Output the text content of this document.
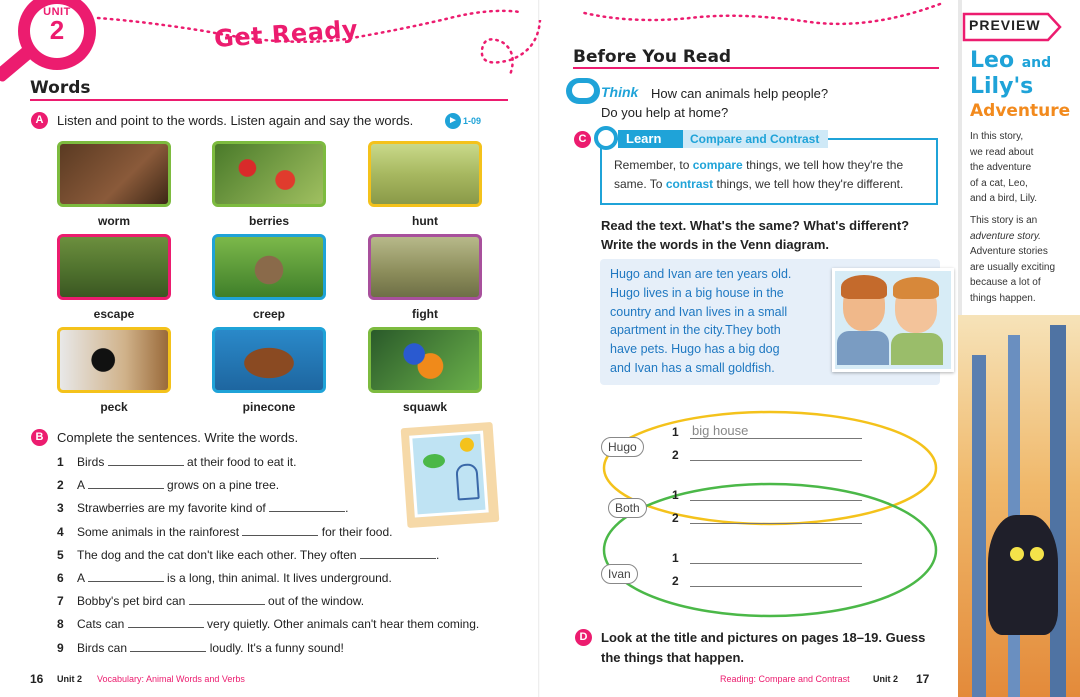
UNIT
2	Get Ready
Words
A	Listen and point to the words. Listen again and say the words.	► 1-09
worm	berries	hunt
escape	creep	fight
peck	pinecone	squawk
B	Complete the sentences. Write the words.
1 Birds	at their food to eat it.
2 A	grows on a pine tree.
3 Strawberries are my favorite kind of	.
4 Some animals in the rainforest	for their food.
5 The dog and the cat don't like each other. They often	.
6 A	is a long, thin animal. It lives underground.
7 Bobby's pet bird can	out of the window.
8 Cats can	very quietly. Other animals can't hear them coming.
9 Birds can	loudly. It's a funny sound!
16 Unit 2 Vocabulary: Animal Words and Verbs
Before You Read
Think How can animals help people?
Do you help at home?
C	Learn	Compare and Contrast
Remember, to compare things, we tell how they're the
same. To contrast things, we tell how they're different.
Read the text. What's the same? What's different?
Write the words in the Venn diagram.
Hugo and Ivan are ten years old.
Hugo lives in a big house in the
country and Ivan lives in a small
apartment in the city.They both
have pets. Hugo has a big dog
and Ivan has a small goldfish.
Hugo
Both
Ivan
1 big house
2
1
2
1
2
D	Look at the title and pictures on pages 18–19. Guess
the things that happen.
Reading: Compare and Contrast	Unit 2 17
PREVIEW
Leo and
Lily's
Adventure
In this story,
we read about
the adventure
of a cat, Leo,
and a bird, Lily.
This story is an
adventure story.
Adventure stories
are usually exciting
because a lot of
things happen.
